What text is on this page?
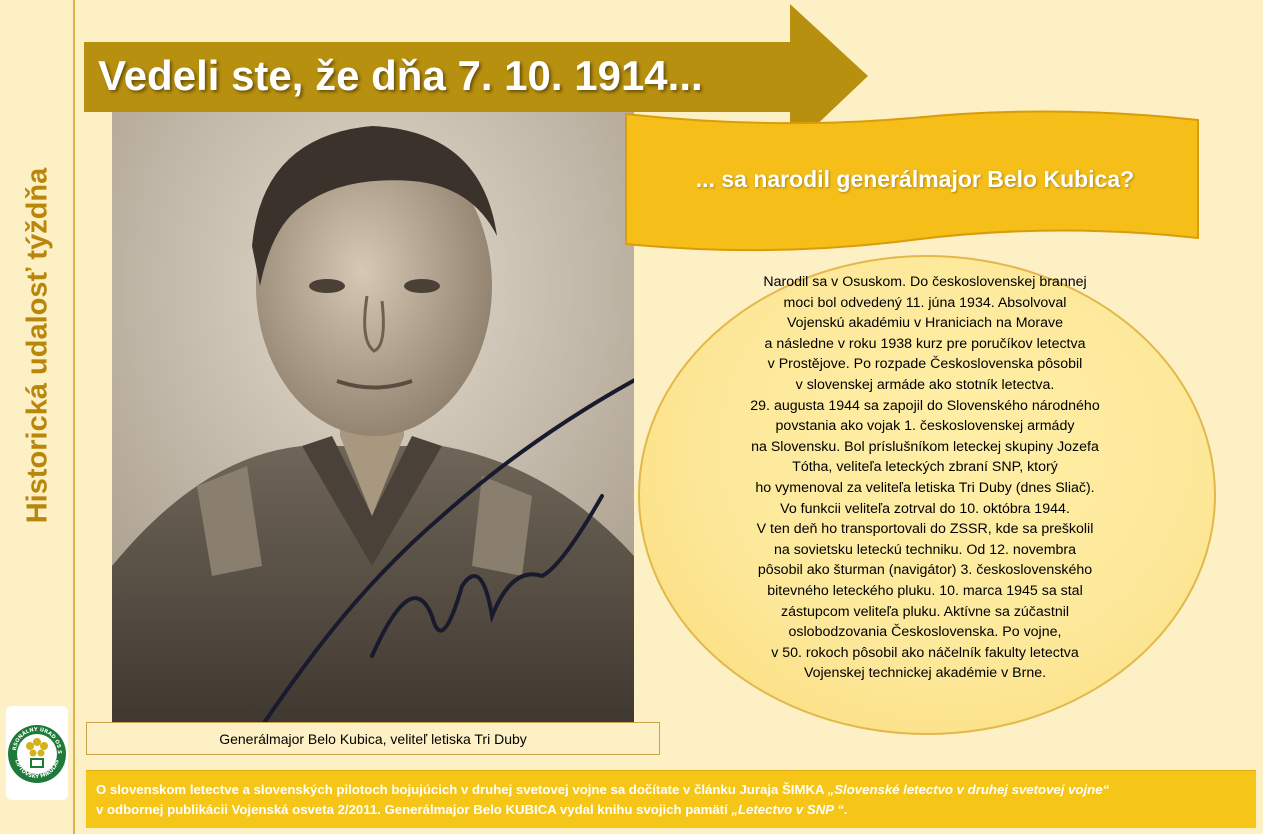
Historická udalosť týždňa
RSONÁLNY ÚRAD OS S
LIPTOVSKÝ MIKULÁŠ
Vedeli ste, že dňa 7. 10. 1914...
... sa narodil generálmajor Belo Kubica?
Generálmajor Belo Kubica, veliteľ letiska Tri Duby
Narodil sa v Osuskom. Do československej brannej
moci bol odvedený 11. júna 1934. Absolvoval
Vojenskú akadémiu v Hraniciach na Morave
a následne v roku 1938 kurz pre poručíkov letectva
v Prostějove. Po rozpade Československa pôsobil
v slovenskej armáde ako stotník letectva.
29. augusta 1944 sa zapojil do Slovenského národného
povstania ako vojak 1. československej armády
na Slovensku. Bol príslušníkom leteckej skupiny Jozefa
Tótha, veliteľa leteckých zbraní SNP, ktorý
ho vymenoval za veliteľa letiska Tri Duby (dnes Sliač).
Vo funkcii veliteľa zotrval do 10. októbra 1944.
V ten deň ho transportovali do ZSSR, kde sa preškolil
na sovietsku leteckú techniku. Od 12. novembra
pôsobil ako šturman (navigátor) 3. československého
bitevného leteckého pluku. 10. marca 1945 sa stal
zástupcom veliteľa pluku. Aktívne sa zúčastnil
oslobodzovania Československa. Po vojne,
v 50. rokoch pôsobil ako náčelník fakulty letectva
Vojenskej technickej akadémie v Brne.
O slovenskom letectve a slovenských pilotoch bojujúcich v druhej svetovej vojne sa dočítate v článku Juraja ŠIMKA „Slovenské letectvo v druhej svetovej vojne“
v odbornej publikácii Vojenská osveta 2/2011. Generálmajor Belo KUBICA vydal knihu svojich pamätí „Letectvo v SNP “.
